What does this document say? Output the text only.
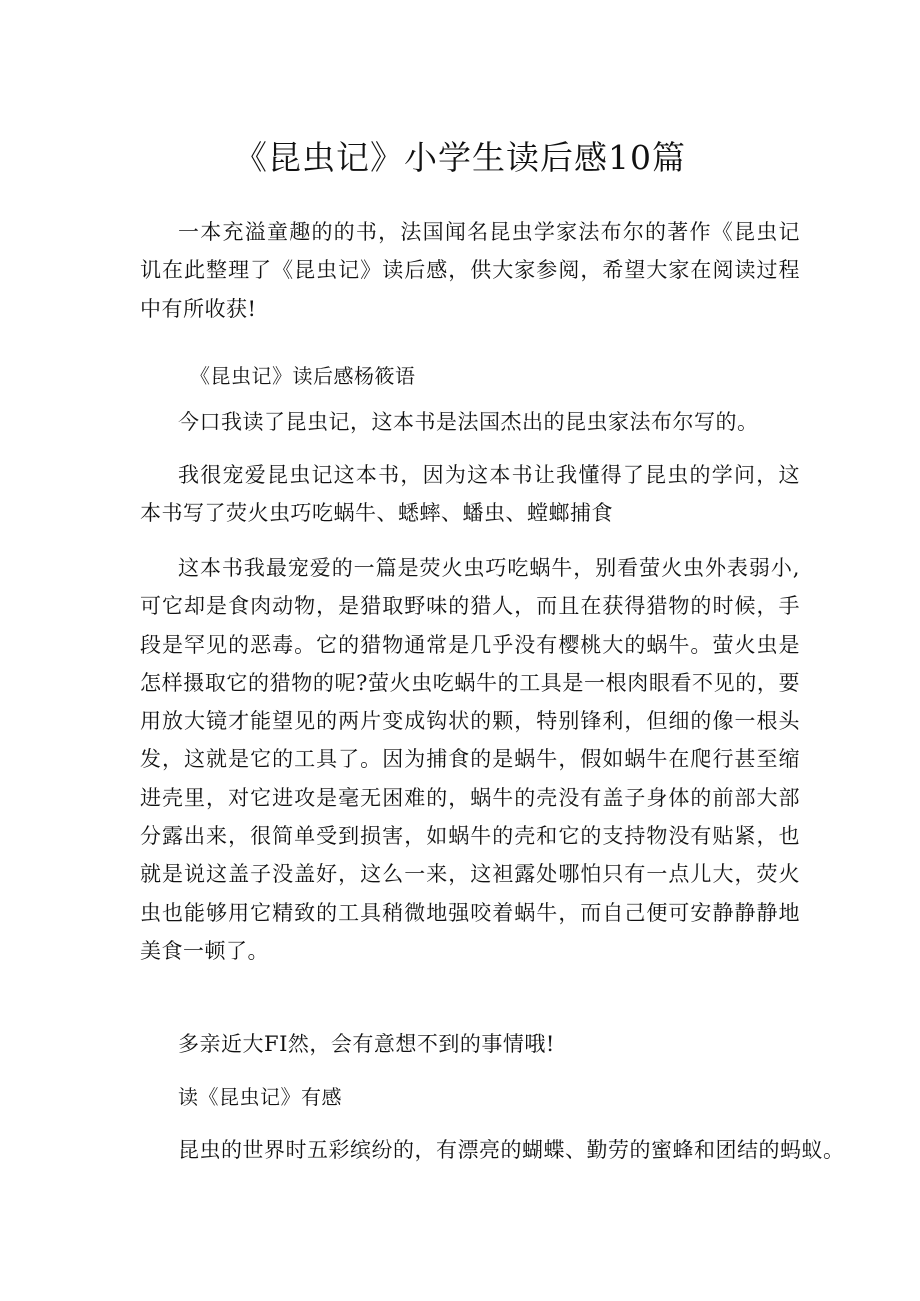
《昆虫记》小学生读后感10篇

一本充溢童趣的的书，法国闻名昆虫学家法布尔的著作《昆虫记讥在此整理了《昆虫记》读后感，供大家参阅，希望大家在阅读过程中有所收获!

《昆虫记》读后感杨筱语

今口我读了昆虫记，这本书是法国杰出的昆虫家法布尔写的。

我很宠爱昆虫记这本书，因为这本书让我懂得了昆虫的学问，这本书写了荧火虫巧吃蜗牛、蟋蟀、蟠虫、螳螂捕食

这本书我最宠爱的一篇是荧火虫巧吃蜗牛，别看萤火虫外表弱小,可它却是食肉动物，是猎取野味的猎人，而且在获得猎物的时候，手段是罕见的恶毒。它的猎物通常是几乎没有樱桃大的蜗牛。萤火虫是怎样摄取它的猎物的呢?萤火虫吃蜗牛的工具是一根肉眼看不见的，要用放大镜才能望见的两片变成钩状的颗，特别锋利，但细的像一根头发，这就是它的工具了。因为捕食的是蜗牛，假如蜗牛在爬行甚至缩进壳里，对它进攻是毫无困难的，蜗牛的壳没有盖子身体的前部大部分露出来，很简单受到损害，如蜗牛的壳和它的支持物没有贴紧，也就是说这盖子没盖好，这么一来，这袒露处哪怕只有一点儿大，荧火虫也能够用它精致的工具稍微地强咬着蜗牛，而自己便可安静静静地美食一顿了。

多亲近大FI然，会有意想不到的事情哦!

读《昆虫记》有感

昆虫的世界时五彩缤纷的，有漂亮的蝴蝶、勤劳的蜜蜂和团结的蚂蚁。
